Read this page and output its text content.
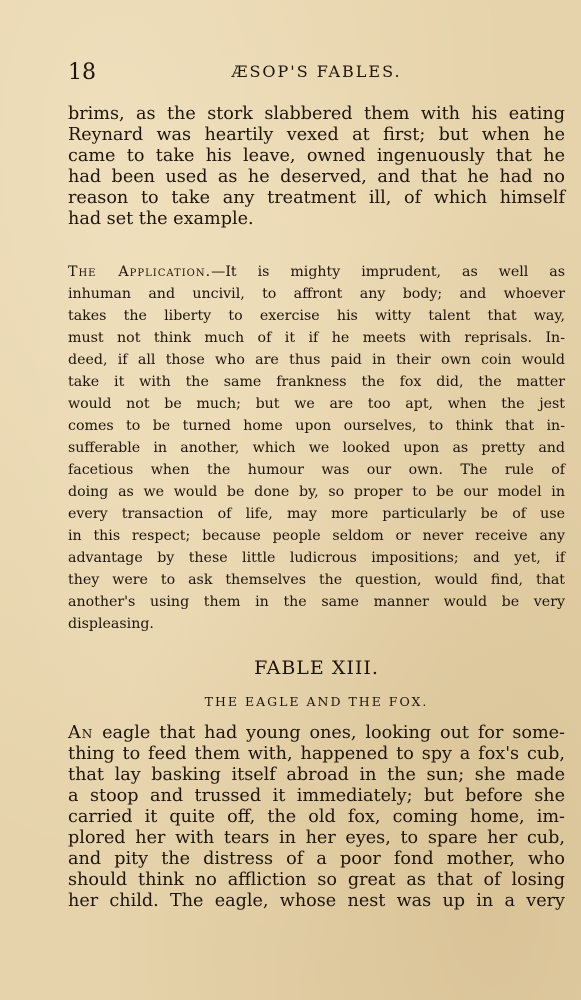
18	ÆSOP'S FABLES.
brims, as the stork slabbered them with his eating
Reynard was heartily vexed at first; but when he
came to take his leave, owned ingenuously that he
had been used as he deserved, and that he had no
reason to take any treatment ill, of which himself
had set the example.
The Application.—It is mighty imprudent, as well as
inhuman and uncivil, to affront any body; and whoever
takes the liberty to exercise his witty talent that way,
must not think much of it if he meets with reprisals. In-
deed, if all those who are thus paid in their own coin would
take it with the same frankness the fox did, the matter
would not be much; but we are too apt, when the jest
comes to be turned home upon ourselves, to think that in-
sufferable in another, which we looked upon as pretty and
facetious when the humour was our own. The rule of
doing as we would be done by, so proper to be our model in
every transaction of life, may more particularly be of use
in this respect; because people seldom or never receive any
advantage by these little ludicrous impositions; and yet, if
they were to ask themselves the question, would find, that
another's using them in the same manner would be very
displeasing.
FABLE XIII.
THE EAGLE AND THE FOX.
An eagle that had young ones, looking out for some-
thing to feed them with, happened to spy a fox's cub,
that lay basking itself abroad in the sun; she made
a stoop and trussed it immediately; but before she
carried it quite off, the old fox, coming home, im-
plored her with tears in her eyes, to spare her cub,
and pity the distress of a poor fond mother, who
should think no affliction so great as that of losing
her child. The eagle, whose nest was up in a very
